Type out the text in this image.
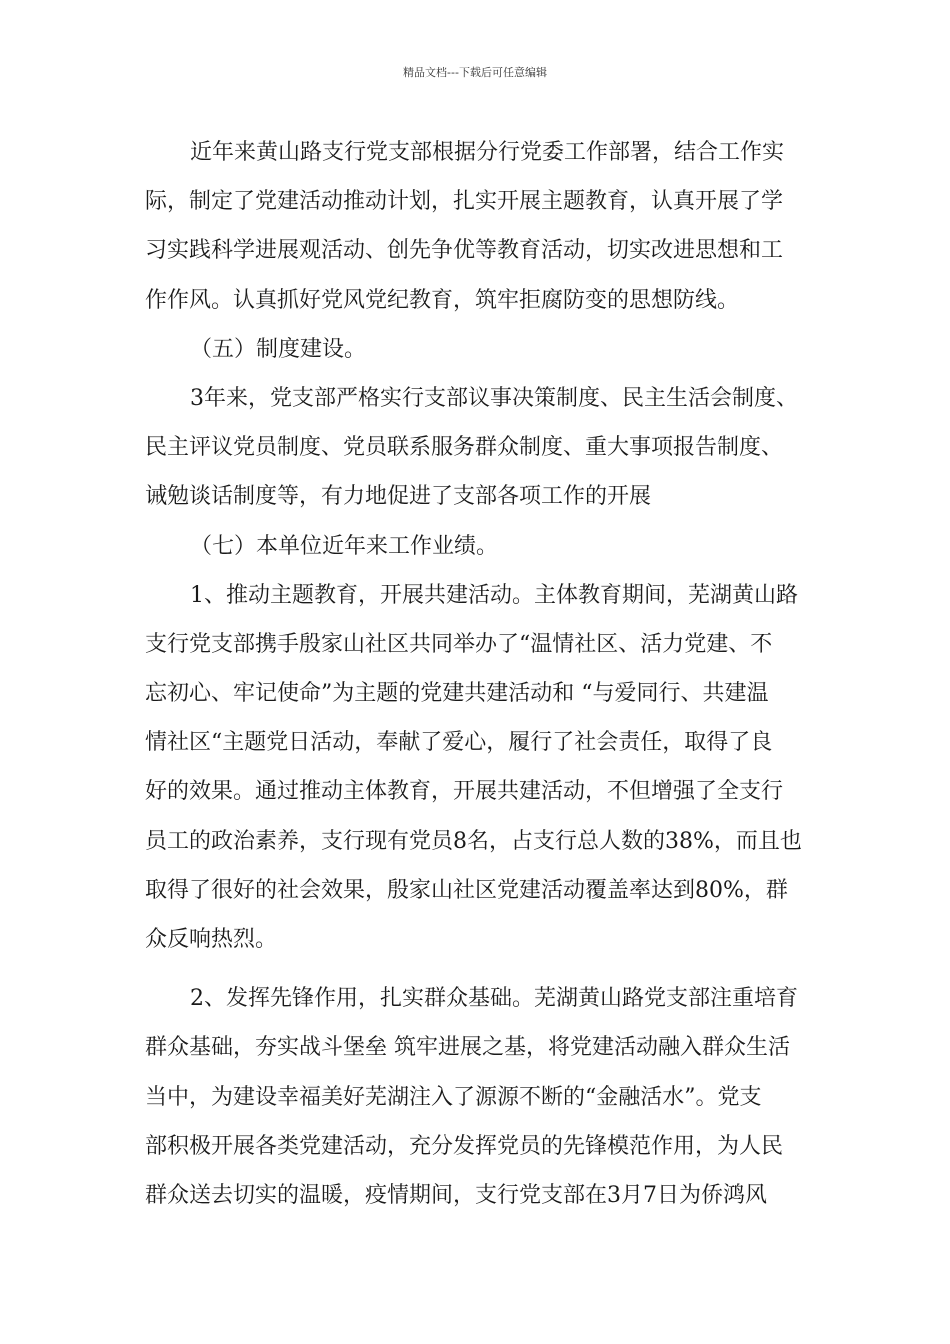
精品文档---下载后可任意编辑
近年来黄山路支行党支部根据分行党委工作部署，结合工作实
际，制定了党建活动推动计划，扎实开展主题教育，认真开展了学
习实践科学进展观活动、创先争优等教育活动，切实改进思想和工
作作风。认真抓好党风党纪教育，筑牢拒腐防变的思想防线。
（五）制度建设。
3年来，党支部严格实行支部议事决策制度、民主生活会制度、
民主评议党员制度、党员联系服务群众制度、重大事项报告制度、
诫勉谈话制度等，有力地促进了支部各项工作的开展
（七）本单位近年来工作业绩。
1、推动主题教育，开展共建活动。主体教育期间，芜湖黄山路
支行党支部携手殷家山社区共同举办了“温情社区、活力党建、不
忘初心、牢记使命”为主题的党建共建活动和 “与爱同行、共建温
情社区“主题党日活动，奉献了爱心，履行了社会责任，取得了良
好的效果。通过推动主体教育，开展共建活动，不但增强了全支行
员工的政治素养，支行现有党员8名，占支行总人数的38%，而且也
取得了很好的社会效果，殷家山社区党建活动覆盖率达到80%，群
众反响热烈。
2、发挥先锋作用，扎实群众基础。芜湖黄山路党支部注重培育
群众基础，夯实战斗堡垒 筑牢进展之基，将党建活动融入群众生活
当中，为建设幸福美好芜湖注入了源源不断的“金融活水”。党支
部积极开展各类党建活动，充分发挥党员的先锋模范作用，为人民
群众送去切实的温暖，疫情期间，支行党支部在3月7日为侨鸿风
